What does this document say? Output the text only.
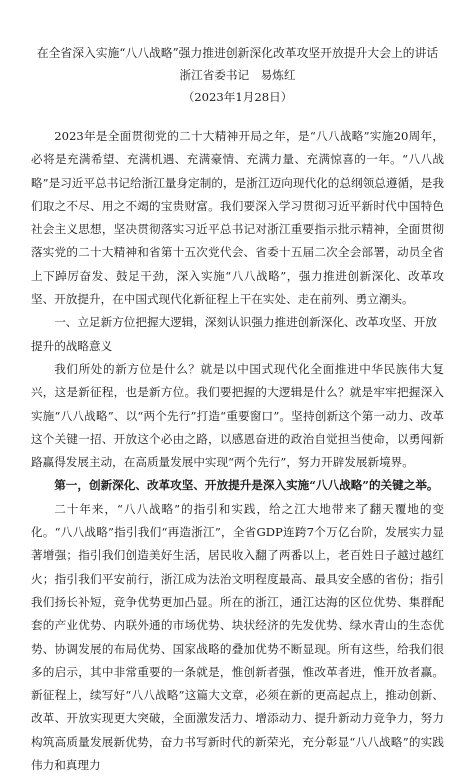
在全省深入实施“八八战略”强力推进创新深化改革攻坚开放提升大会上的讲话

浙江省委书记　易炼红

（2023年1月28日）

2023年是全面贯彻党的二十大精神开局之年，是“八八战略”实施20周年，必将是充满希望、充满机遇、充满豪情、充满力量、充满惊喜的一年。“八八战略”是习近平总书记给浙江量身定制的，是浙江迈向现代化的总纲领总遵循，是我们取之不尽、用之不竭的宝贵财富。我们要深入学习贯彻习近平新时代中国特色社会主义思想，坚决贯彻落实习近平总书记对浙江重要指示批示精神，全面贯彻落实党的二十大精神和省第十五次党代会、省委十五届二次全会部署，动员全省上下踔厉奋发、鼓足干劲，深入实施“八八战略”，强力推进创新深化、改革攻坚、开放提升，在中国式现代化新征程上干在实处、走在前列、勇立潮头。

一、立足新方位把握大逻辑，深刻认识强力推进创新深化、改革攻坚、开放提升的战略意义

我们所处的新方位是什么？就是以中国式现代化全面推进中华民族伟大复兴，这是新征程，也是新方位。我们要把握的大逻辑是什么？就是牢牢把握深入实施“八八战略”、以“两个先行”打造“重要窗口”。坚持创新这个第一动力、改革这个关键一招、开放这个必由之路，以感恩奋进的政治自觉担当使命，以勇闯新路赢得发展主动，在高质量发展中实现“两个先行”，努力开辟发展新境界。

第一，创新深化、改革攻坚、开放提升是深入实施“八八战略”的关键之举。

二十年来，“八八战略”的指引和实践，给之江大地带来了翻天覆地的变化。“八八战略”指引我们“再造浙江”，全省GDP连跨7个万亿台阶，发展实力显著增强；指引我们创造美好生活，居民收入翻了两番以上，老百姓日子越过越红火；指引我们平安前行，浙江成为法治文明程度最高、最具安全感的省份；指引我们扬长补短，竞争优势更加凸显。所在的浙江，通江达海的区位优势、集群配套的产业优势、内联外通的市场优势、块状经济的先发优势、绿水青山的生态优势、协调发展的布局优势、国家战略的叠加优势不断显现。所有这些，给我们很多的启示，其中非常重要的一条就是，惟创新者强，惟改革者进，惟开放者赢。新征程上，续写好“八八战略”这篇大文章，必须在新的更高起点上，推动创新、改革、开放实现更大突破，全面激发活力、增添动力、提升新动力竞争力，努力构筑高质量发展新优势，奋力书写新时代的新荣光，充分彰显“八八战略”的实践伟力和真理力
